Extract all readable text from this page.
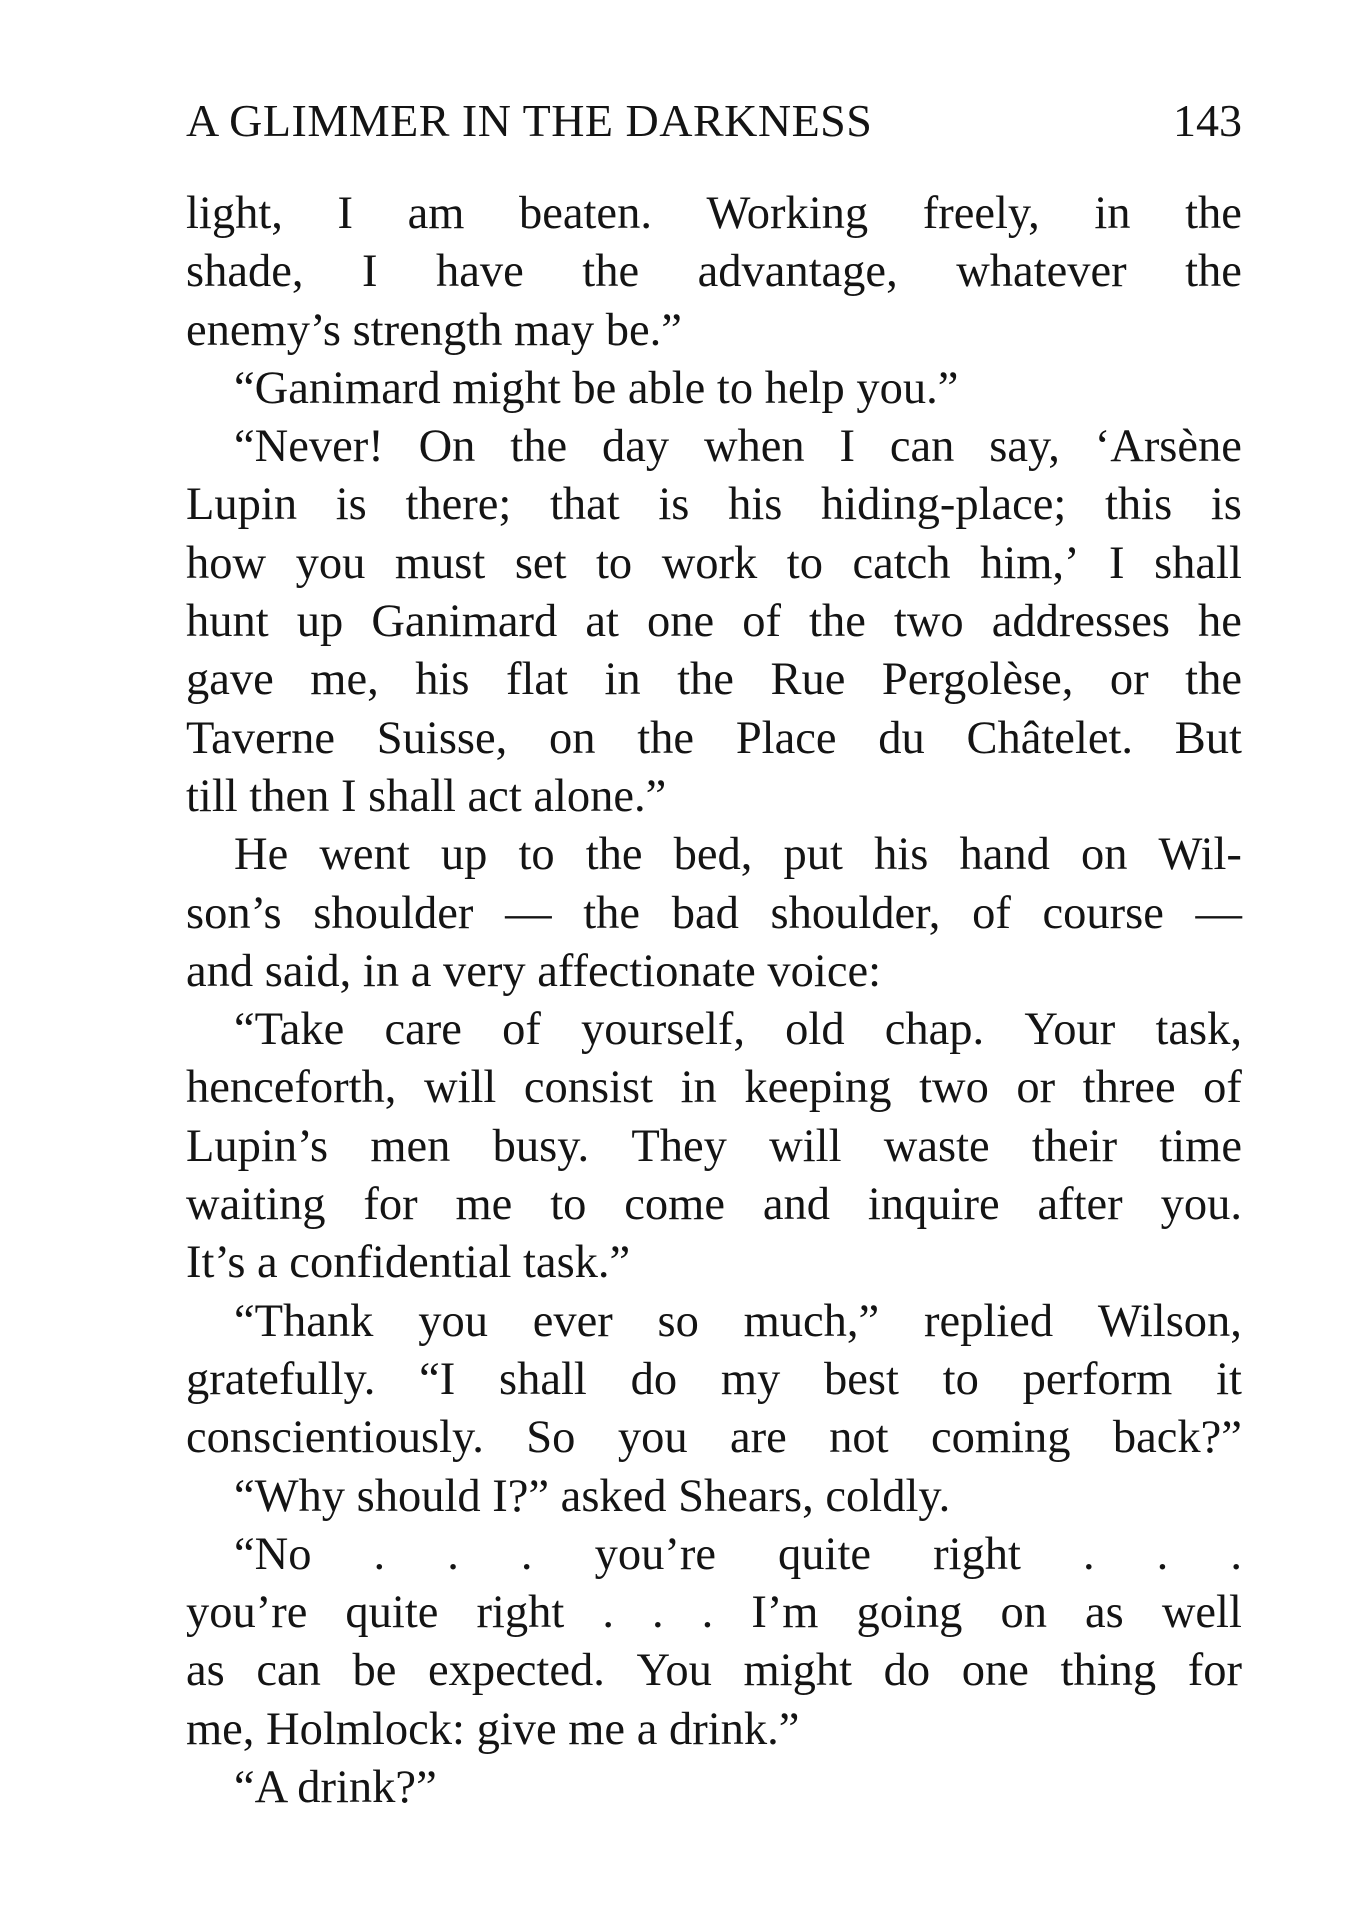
A GLIMMER IN THE DARKNESS	143
light, I am beaten. Working freely, in the
shade, I have the advantage, whatever the
enemy’s strength may be.”
“Ganimard might be able to help you.”
“Never! On the day when I can say, ‘Arsène
Lupin is there; that is his hiding-place; this is
how you must set to work to catch him,’ I shall
hunt up Ganimard at one of the two addresses he
gave me, his flat in the Rue Pergolèse, or the
Taverne Suisse, on the Place du Châtelet. But
till then I shall act alone.”
He went up to the bed, put his hand on Wil-
son’s shoulder — the bad shoulder, of course —
and said, in a very affectionate voice:
“Take care of yourself, old chap. Your task,
henceforth, will consist in keeping two or three of
Lupin’s men busy. They will waste their time
waiting for me to come and inquire after you.
It’s a confidential task.”
“Thank you ever so much,” replied Wilson,
gratefully. “I shall do my best to perform it
conscientiously. So you are not coming back?”
“Why should I?” asked Shears, coldly.
“No . . . you’re quite right . . .
you’re quite right . . . I’m going on as well
as can be expected. You might do one thing for
me, Holmlock: give me a drink.”
“A drink?”
